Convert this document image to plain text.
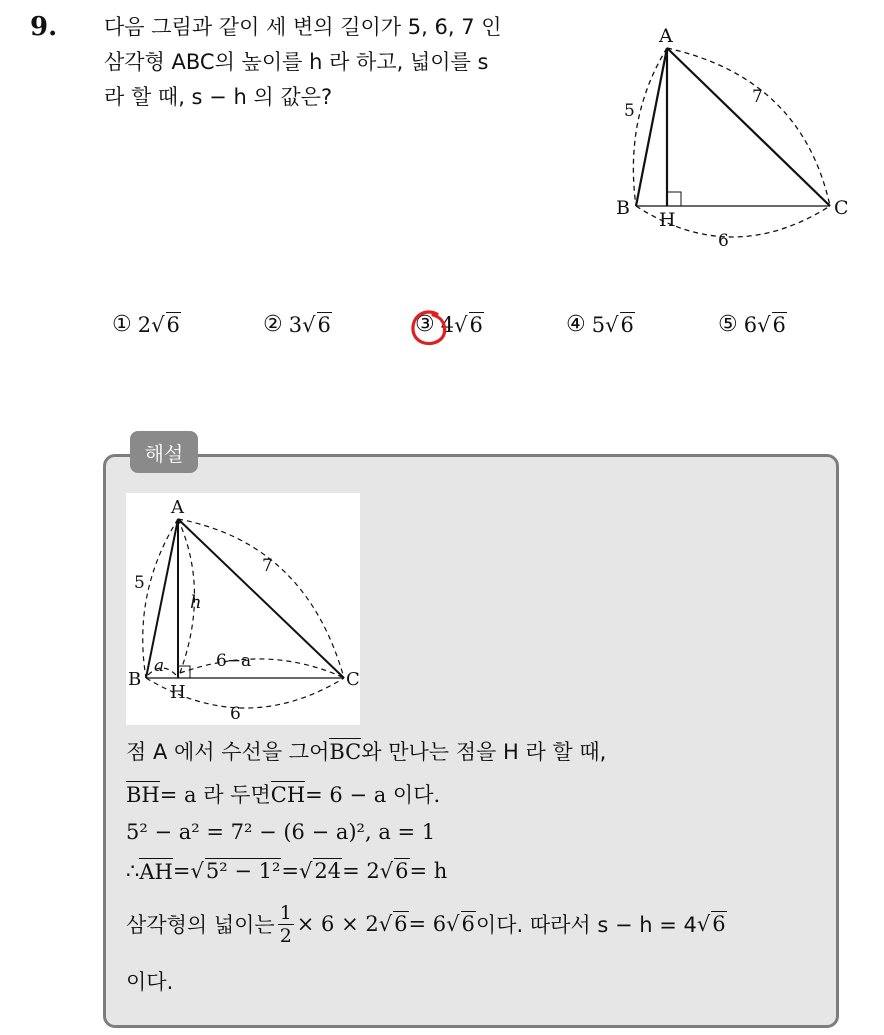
9. 다음 그림과 같이 세 변의 길이가 5, 6, 7 인
삼각형 ABC의 높이를 h 라 하고, 넓이를 s
라 할 때, s − h 의 값은?
A
B	C
H
5
7
6
① 2√6	② 3√6	③ 4√6	④ 5√6	⑤ 6√6
해설
A
B	C
H
5
7
6
h
a	6−a
점 A 에서 수선을 그어 BC 와 만나는 점을 H 라 할 때,
BH = a 라 두면 CH = 6 − a 이다.
5² − a² = 7² − (6 − a)², a = 1
∴ AH = √5² − 1² = √24 = 2 √6 = h
삼각형의 넓이는 $\frac{1}{2} \times 6 \times 2$ √6 = 6 √6 이다. 따라서 s − h = 4 √6
이다.
